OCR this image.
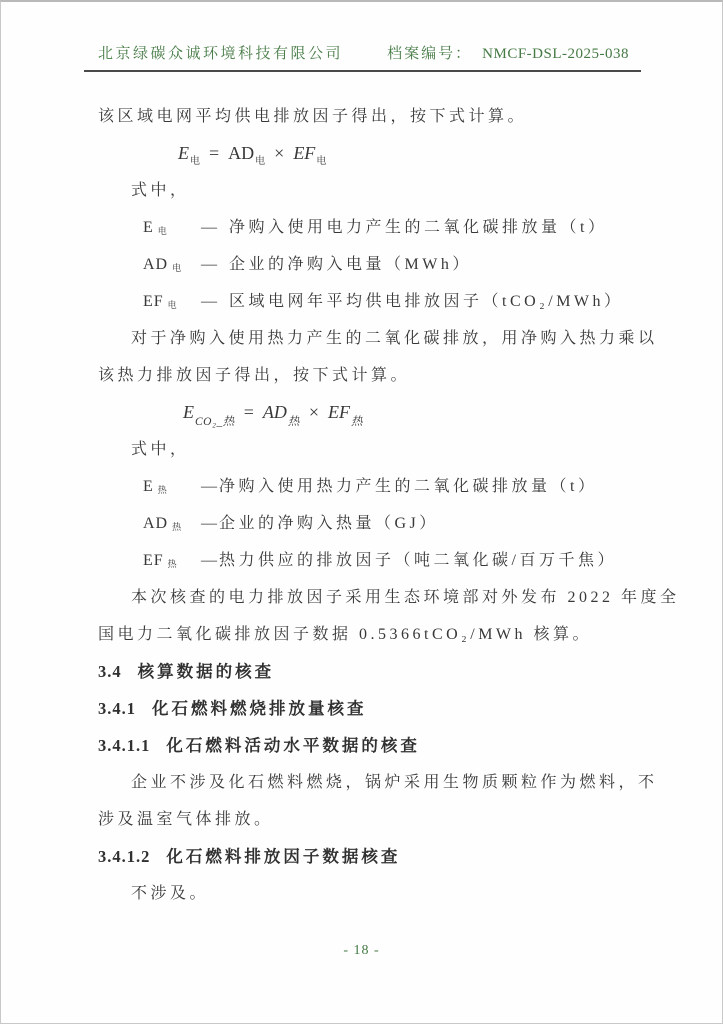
北京绿碳众诚环境科技有限公司	档案编号： NMCF-DSL-2025-038
该区域电网平均供电排放因子得出，按下式计算。
$E_电 = AD_电 \times EF_电$
式中，
E 电 — 净购入使用电力产生的二氧化碳排放量（t）
AD 电 — 企业的净购入电量（MWh）
EF 电 — 区域电网年平均供电排放因子（tCO₂/MWh）
对于净购入使用热力产生的二氧化碳排放，用净购入热力乘以
该热力排放因子得出，按下式计算。
$E_{CO_2\_热} = AD_热 \times EF_热$
式中，
E 热 — 净购入使用热力产生的二氧化碳排放量（t）
AD 热 — 企业的净购入热量（GJ）
EF 热 — 热力供应的排放因子（吨二氧化碳/百万千焦）
本次核查的电力排放因子采用生态环境部对外发布 2022 年度全
国电力二氧化碳排放因子数据 0.5366tCO₂/MWh 核算。
3.4 核算数据的核查
3.4.1 化石燃料燃烧排放量核查
3.4.1.1 化石燃料活动水平数据的核查
企业不涉及化石燃料燃烧，锅炉采用生物质颗粒作为燃料，不
涉及温室气体排放。
3.4.1.2 化石燃料排放因子数据核查
不涉及。
- 18 -
